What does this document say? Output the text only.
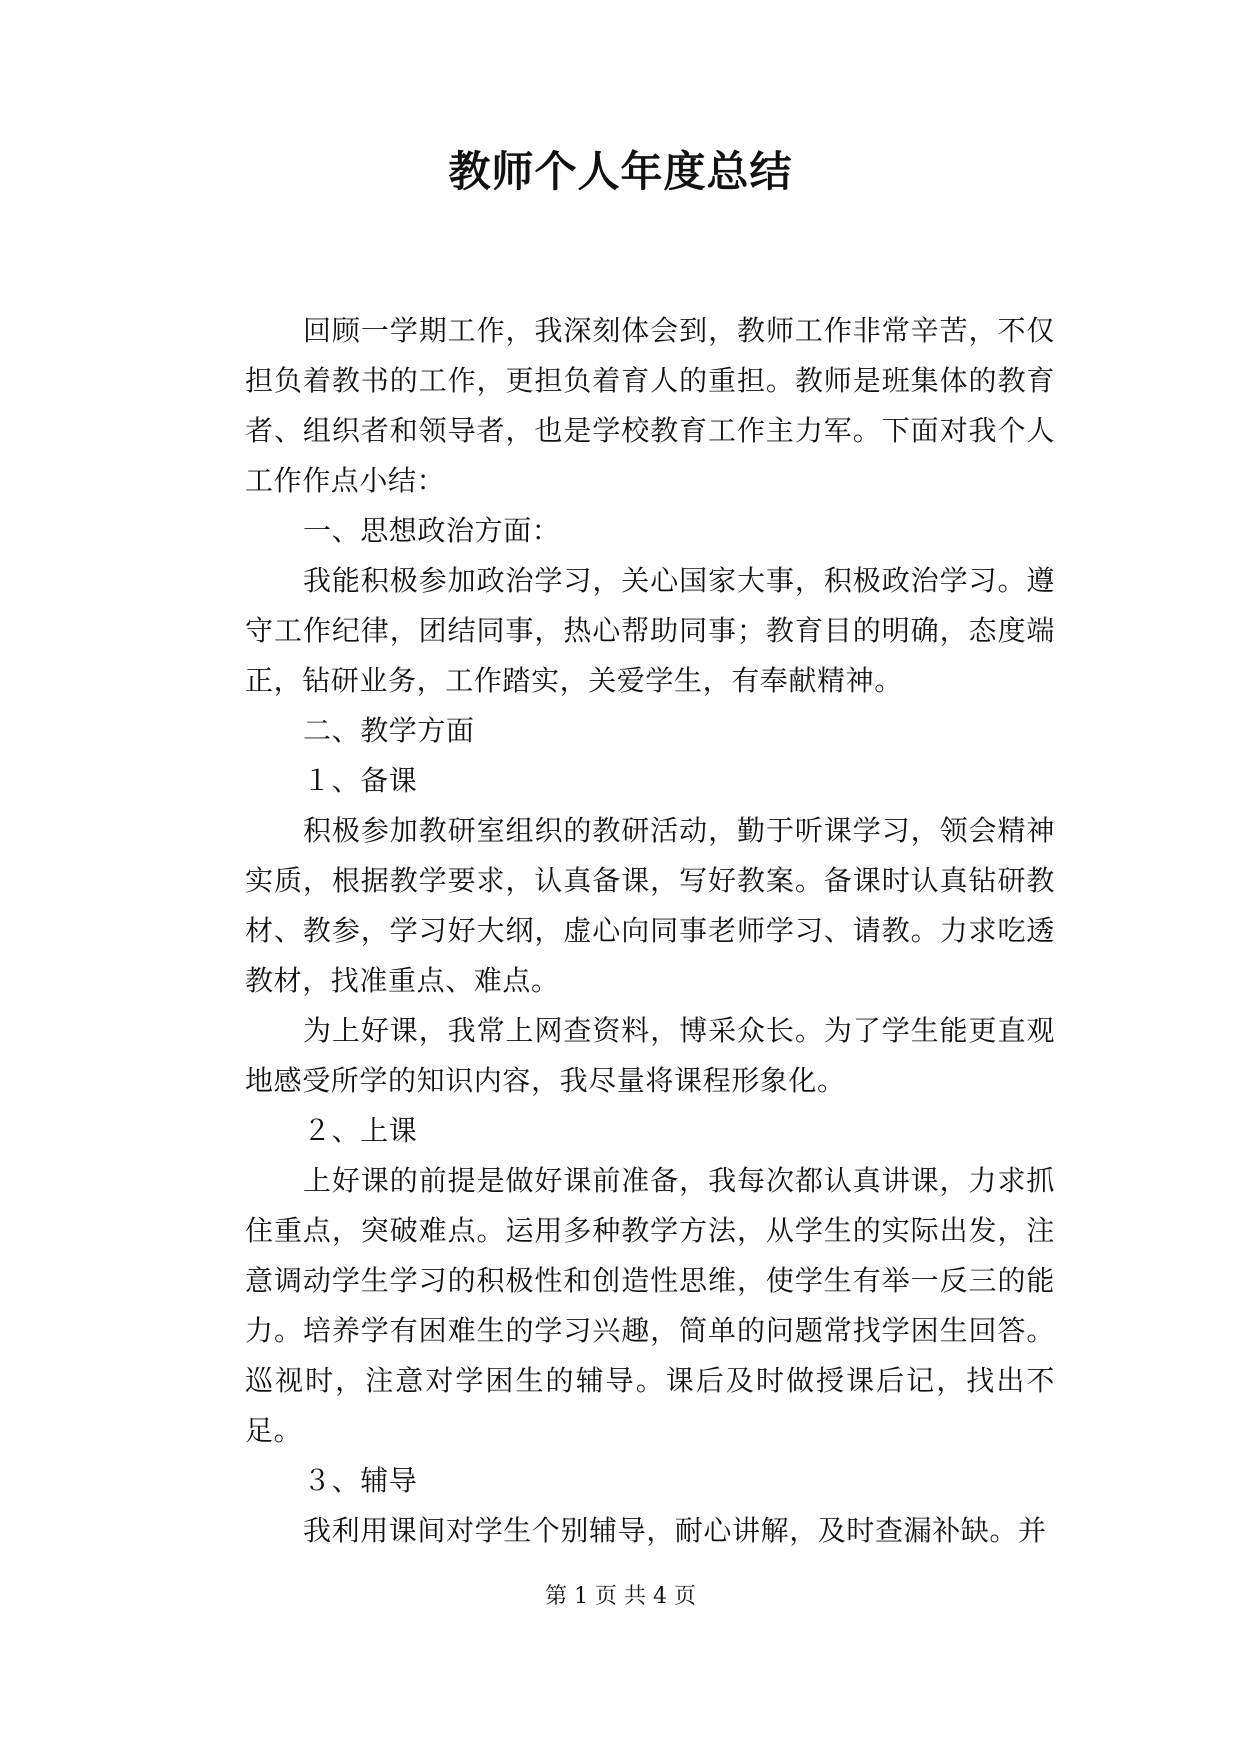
教师个人年度总结

回顾一学期工作，我深刻体会到，教师工作非常辛苦，不仅担负着教书的工作，更担负着育人的重担。教师是班集体的教育者、组织者和领导者，也是学校教育工作主力军。下面对我个人工作作点小结：

一、思想政治方面：

我能积极参加政治学习，关心国家大事，积极政治学习。遵守工作纪律，团结同事，热心帮助同事；教育目的明确，态度端正，钻研业务，工作踏实，关爱学生，有奉献精神。

二、教学方面

１、备课

积极参加教研室组织的教研活动，勤于听课学习，领会精神实质，根据教学要求，认真备课，写好教案。备课时认真钻研教材、教参，学习好大纲，虚心向同事老师学习、请教。力求吃透教材，找准重点、难点。

为上好课，我常上网查资料，博采众长。为了学生能更直观地感受所学的知识内容，我尽量将课程形象化。

２、上课

上好课的前提是做好课前准备，我每次都认真讲课，力求抓住重点，突破难点。运用多种教学方法，从学生的实际出发，注意调动学生学习的积极性和创造性思维，使学生有举一反三的能力。培养学有困难生的学习兴趣，简单的问题常找学困生回答。巡视时，注意对学困生的辅导。课后及时做授课后记，找出不足。

３、辅导

我利用课间对学生个别辅导，耐心讲解，及时查漏补缺。并

第 1 页 共 4 页
